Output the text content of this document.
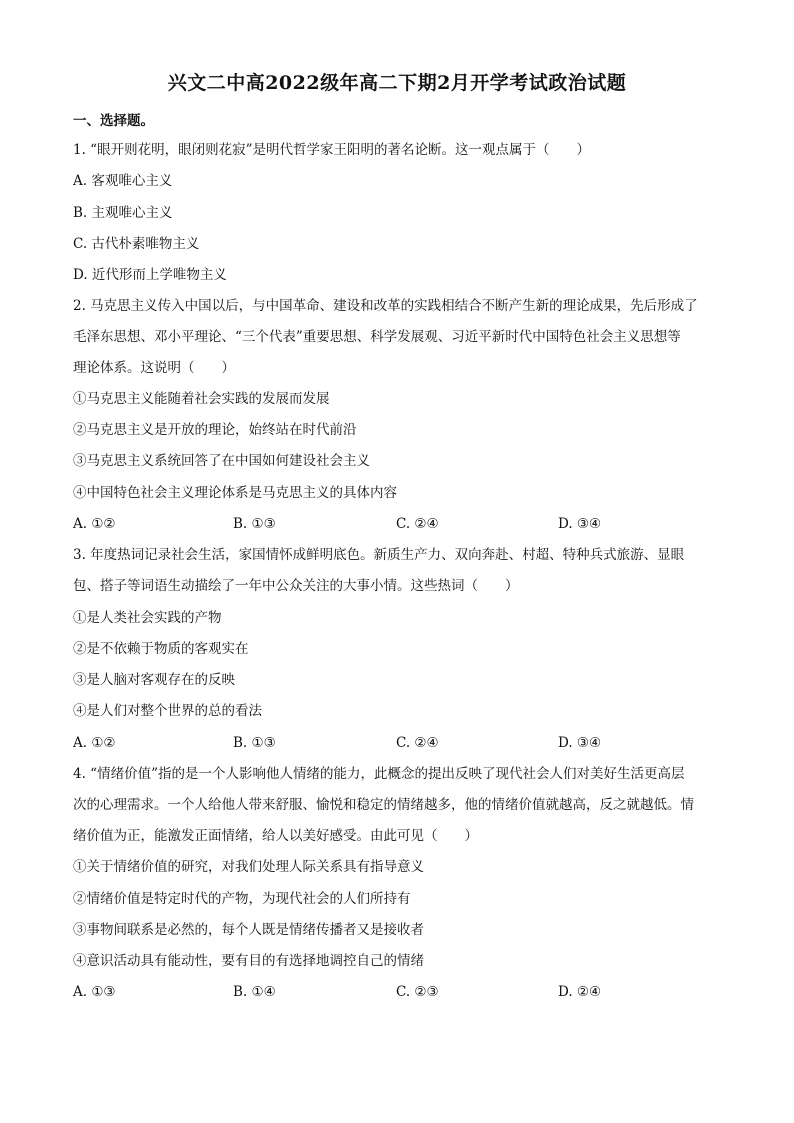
兴文二中高2022级年高二下期2月开学考试政治试题
一、选择题。
1. “眼开则花明，眼闭则花寂”是明代哲学家王阳明的著名论断。这一观点属于（　　）
A. 客观唯心主义
B. 主观唯心主义
C. 古代朴素唯物主义
D. 近代形而上学唯物主义
2. 马克思主义传入中国以后，与中国革命、建设和改革的实践相结合不断产生新的理论成果，先后形成了
毛泽东思想、邓小平理论、“三个代表”重要思想、科学发展观、习近平新时代中国特色社会主义思想等
理论体系。这说明（　　）
①马克思主义能随着社会实践的发展而发展
②马克思主义是开放的理论，始终站在时代前沿
③马克思主义系统回答了在中国如何建设社会主义
④中国特色社会主义理论体系是马克思主义的具体内容
A. ①②	B. ①③	C. ②④	D. ③④
3. 年度热词记录社会生活，家国情怀成鲜明底色。新质生产力、双向奔赴、村超、特种兵式旅游、显眼
包、搭子等词语生动描绘了一年中公众关注的大事小情。这些热词（　　）
①是人类社会实践的产物
②是不依赖于物质的客观实在
③是人脑对客观存在的反映
④是人们对整个世界的总的看法
A. ①②	B. ①③	C. ②④	D. ③④
4. “情绪价值”指的是一个人影响他人情绪的能力，此概念的提出反映了现代社会人们对美好生活更高层
次的心理需求。一个人给他人带来舒服、愉悦和稳定的情绪越多，他的情绪价值就越高，反之就越低。情
绪价值为正，能激发正面情绪，给人以美好感受。由此可见（　　）
①关于情绪价值的研究，对我们处理人际关系具有指导意义
②情绪价值是特定时代的产物，为现代社会的人们所持有
③事物间联系是必然的，每个人既是情绪传播者又是接收者
④意识活动具有能动性，要有目的有选择地调控自己的情绪
A. ①③	B. ①④	C. ②③	D. ②④
